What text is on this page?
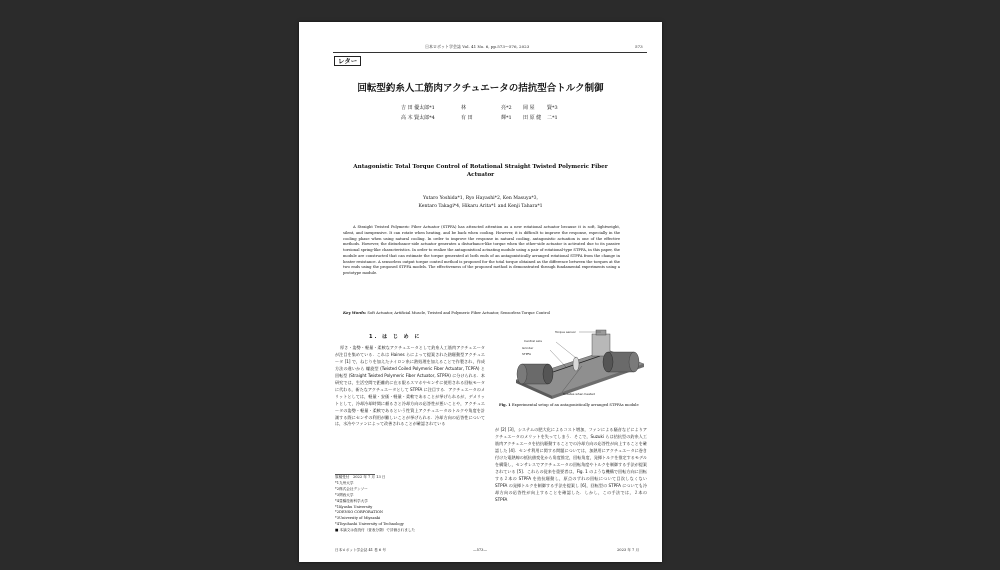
日本ロボット学会誌 Vol. 41 No. 6, pp.573〜576, 2023	573
レター
回転型釣糸人工筋肉アクチュエータの拮抗型合トルク制御
吉 田 優太郎*1	林	亮*2 岡 屋 賢*3
高 木 賢太郎*4	有 田	輝*1 田 原 健 二*1
Antagonistic Total Torque Control of Rotational Straight Twisted Polymeric Fiber Actuator
Yutaro Yoshida*1, Ryo Hayashi*2, Ken Masuya*3,
Kentaro Takagi*4, Hikaru Arita*1 and Kenji Tahara*1
A Straight Twisted Polymeric Fiber Actuator (STPFA) has attracted attention as a new rotational actuator because it is soft, lightweight, silent, and inexpensive. It can rotate when heating, and be back when cooling. However, it is difficult to improve the response, especially in the cooling phase when using natural cooling. In order to improve the response in natural cooling, antagonistic actuation is one of the effective methods. However, the disturbance-side actuator generates a disturbance-like torque when the other-side actuator is activated due to its passive torsional spring-like characteristics. In order to realize the antagonistical actuating module using a pair of rotational-type STPFA, in this paper, the module are constructed that can estimate the torque generated at both ends of an antagonistically arranged rotational STPFA from the change in heater resistance. A sensorless output torque control method is proposed for the total torque obtained as the difference between the torques at the two ends using the proposed STPFA models. The effectiveness of the proposed method is demonstrated through fundamental experiments using a prototype module.
Key Words: Soft Actuator, Artificial Muscle, Twisted and Polymeric Fiber Actuator, Sensorless Torque Control
1. は じ め に

厚さ・姿勢・軽量・柔軟なアクチュエータとして釣糸人工筋肉アクチュエータが注目を集めている．これは Haines らによって提案された熱駆動型アクチュエータ [1] で，ねじりを加えたナイロン糸に熱処理を加えることで作製され，作成方法の違いから 螺旋型 (Twisted Coiled Polymeric Fiber Actuator, TCPFA) と 回転型 (Straight Twisted Polymeric Fiber Actuator, STPFA) に分けられる．本研究では，生活空間で距離的に在る限るスマホやセンサに使用される回転モータに代わる，新たなアクチュエータとして STPFA に注目する．アクチュエータのメリットとしては，軽量・安価・軽量・柔軟であることが挙げられるが，デメリットとして，冷却冷却時間に頼るさと冷却方向の応答性が悪いことや，アクチュエータの姿勢・軽量・柔軟であるという性質上アクチュエータのトルクや角度を計測する際にセンサの利用が難しいことが挙げられる．冷却方向の応答性については，水冷やファンによって改善されることが確認されている

原稿受付　2022 年 7 月 13 日
*1九州大学
*2株式会社デンソー
*3関西大学
*4豊橋技術科学大学
*1Kyushu University
*2DENSO CORPORATION
*3University of Miyazaki
*4Toyohashi University of Technology
■ 本論文は査読付（査表分類）で評価されました
Torque sensor
Central axis
Grinder
STPFA
Rotates when heated
Fig. 1 Experimental setup of an antagonistically arranged STPFAs module

が [2] [3]，システムの肥大化によるコスト増加，ファンによる騒音などによりアクチュエータのメリットを失ってしまう．そこで，Suzuki らは拮抗型の釣糸人工筋肉アクチュエータを拮抗駆動することでの冷却方向の応答性が向上することを確認した [4]．センサ利用に関する問題については，加熱用にアクチュエータに巻き付けた電熱線の抵抗値変化から角度推定，回転角度，発揮トルクを推定するモデルを構築し，センサレスでアクチュエータの回転角度やトルクを制御する手法が提案されている [5]．これらの従来を重要者は，Fig. 1 のような機構で回転方向に回転する２本の STPFA を拮抗駆動し，原点のずれの回転について目次しなくない STPFA の発揮トルクを制御する手法を提案し [6]，回転型の STPFA についても冷却方向の応答性が向上することを確認した．しかし，この手法では，２本の STPFA

日本ロボット学会誌 41 巻 6 号	—573—	2023 年 7 月
